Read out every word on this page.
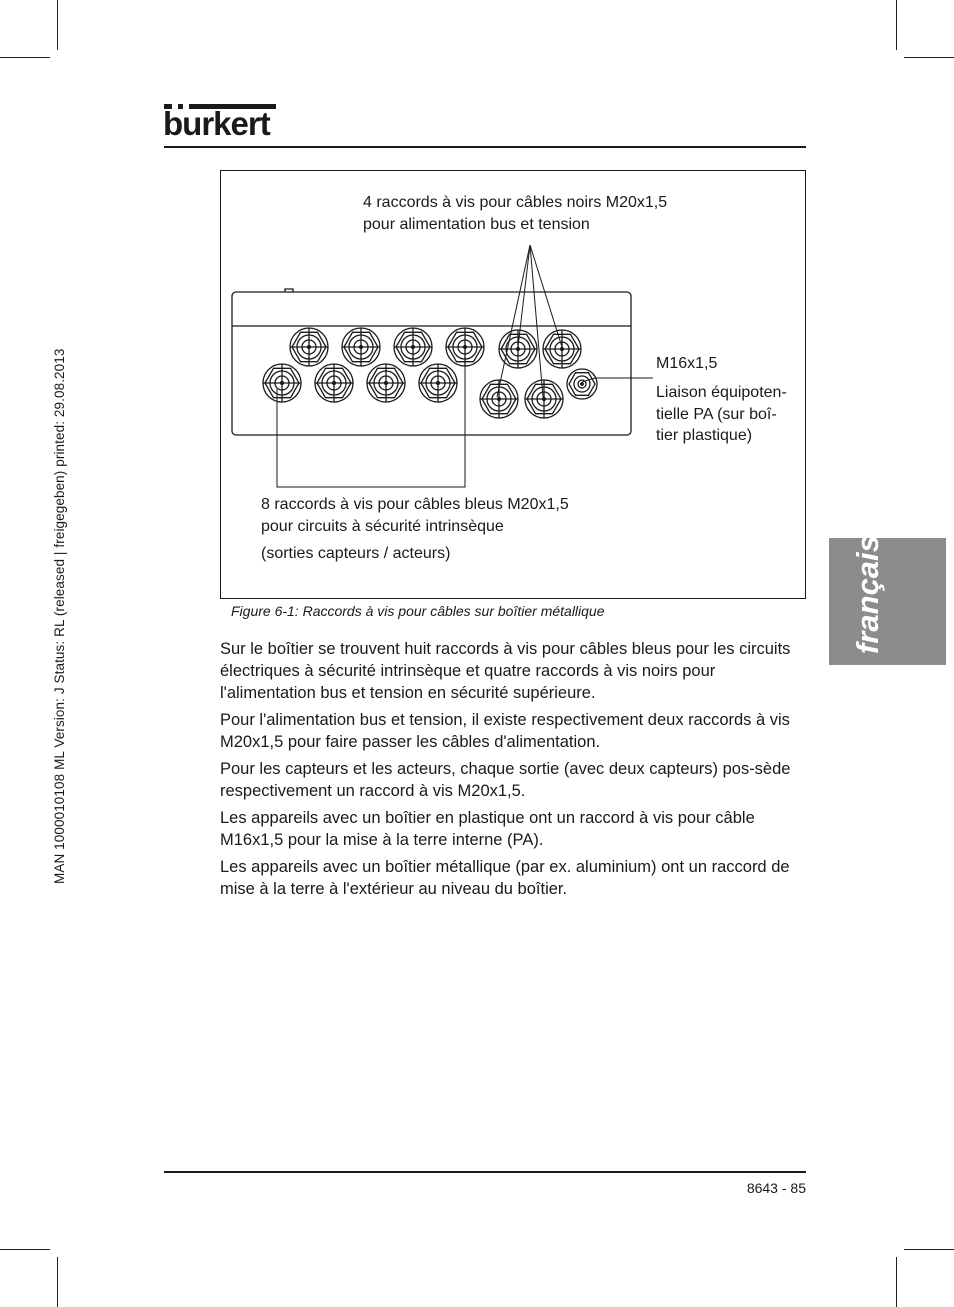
burkert
MAN 1000010108 ML Version: J Status: RL (released | freigegeben) printed: 29.08.2013	français
4 raccords à vis pour câbles noirs M20x1,5
pour alimentation bus et tension
M16x1,5
Liaison équipoten-
tielle PA (sur boî-
tier plastique)
8 raccords à vis pour câbles bleus M20x1,5
pour circuits à sécurité intrinsèque
(sorties capteurs / acteurs)
Figure 6-1: Raccords à vis pour câbles sur boîtier métallique

Sur le boîtier se trouvent huit raccords à vis pour câbles bleus pour les circuits électriques à sécurité intrinsèque et quatre raccords à vis noirs pour l'alimentation bus et tension en sécurité supérieure.

Pour l'alimentation bus et tension, il existe respectivement deux raccords à vis M20x1,5 pour faire passer les câbles d'alimentation.

Pour les capteurs et les acteurs, chaque sortie (avec deux capteurs) pos-sède respectivement un raccord à vis M20x1,5.

Les appareils avec un boîtier en plastique ont un raccord à vis pour câble M16x1,5 pour la mise à la terre interne (PA).

Les appareils avec un boîtier métallique (par ex. aluminium) ont un raccord de mise à la terre à l'extérieur au niveau du boîtier.

8643 - 85
